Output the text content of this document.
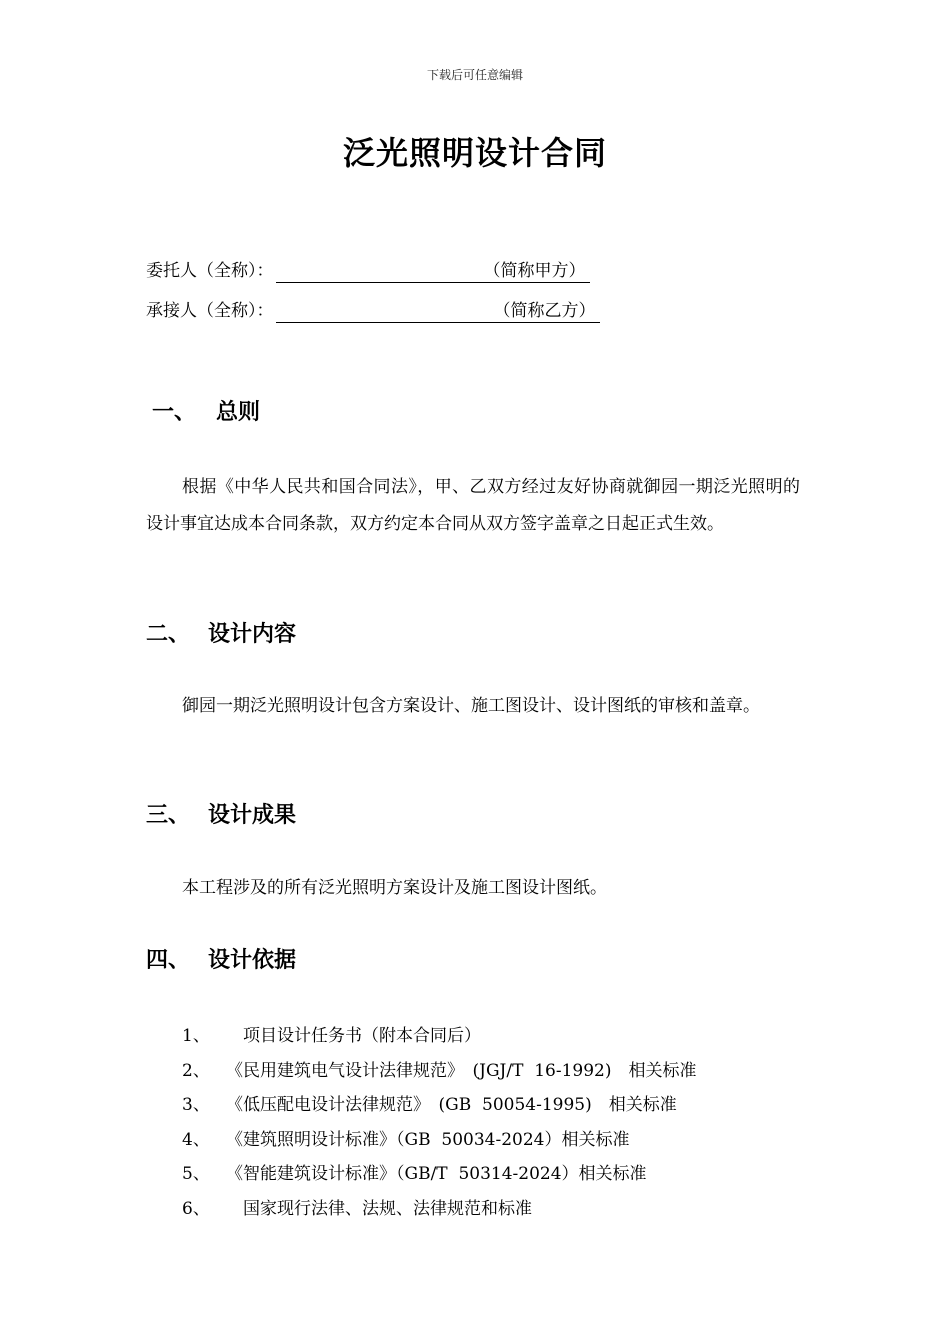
下载后可任意编辑
泛光照明设计合同
委托人（全称）：	（简称甲方）
承接人（全称）：	（简称乙方）
一、 总则
根据《中华人民共和国合同法》，甲、乙双方经过友好协商就御园一期泛光照明的设计事宜达成本合同条款，双方约定本合同从双方签字盖章之日起正式生效。
二、 设计内容
御园一期泛光照明设计包含方案设计、施工图设计、设计图纸的审核和盖章。
三、 设计成果
本工程涉及的所有泛光照明方案设计及施工图设计图纸。
四、 设计依据
1、　项目设计任务书（附本合同后）
2、 《民用建筑电气设计法律规范》　(JGJ/T  16-1992)　相关标准
3、 《低压配电设计法律规范》　(GB  50054-1995)　相关标准
4、 《建筑照明设计标准》（GB  50034-2024）相关标准
5、 《智能建筑设计标准》（GB/T  50314-2024）相关标准
6、　国家现行法律、法规、法律规范和标准
